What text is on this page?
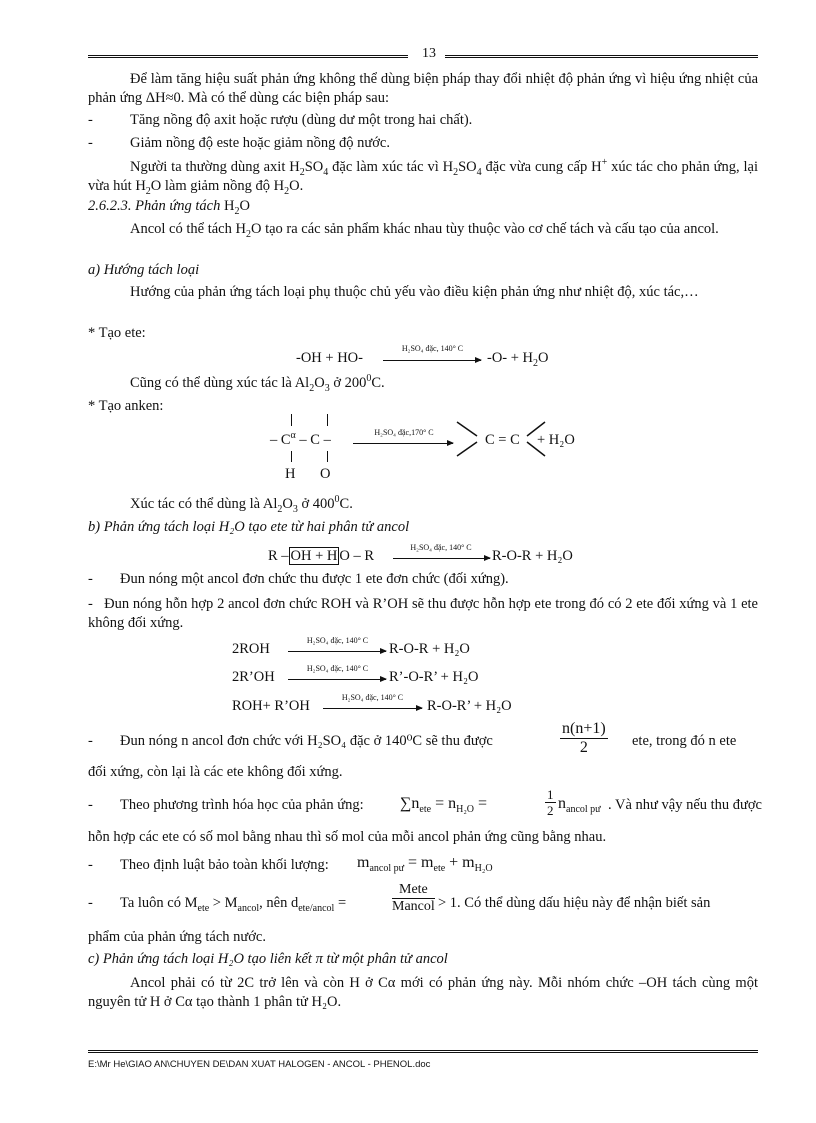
13
Để làm tăng hiệu suất phản ứng không thể dùng biện pháp thay đổi nhiệt độ phản ứng vì hiệu ứng nhiệt của phản ứng ΔH≈0. Mà có thể dùng các biện pháp sau:
-	Tăng nồng độ axit hoặc rượu (dùng dư một trong hai chất).
-	Giảm nồng độ este hoặc giảm nồng độ nước.
Người ta thường dùng axit $H_2SO_4$ đặc làm xúc tác vì $H_2SO_4$ đặc vừa cung cấp H+ xúc tác cho phản ứng, lại vừa hút $H_2O$ làm giảm nồng độ $H_2O$.
2.6.2.3. Phản ứng tách $H_2O$
Ancol có thể tách $H_2O$ tạo ra các sản phẩm khác nhau tùy thuộc vào cơ chế tách và cấu tạo của ancol.
a) Hướng tách loại
Hướng của phản ứng tách loại phụ thuộc chủ yếu vào điều kiện phản ứng như nhiệt độ, xúc tác,…
* Tạo ete:
-OH + HO-
H₂SO₄ đặc, 140° C
$-O- + H_2O$
Cũng có thể dùng xúc tác là $Al_2O_3$ ở $200^0C$.
* Tạo anken:
– $C^\alpha$ – C –
H O
H₂SO₄ đặc,170° C	C = C + H₂O
Xúc tác có thể dùng là $Al_2O_3$ ở $400^0C$.
b) Phản ứng tách loại H₂O tạo ete từ hai phân tử ancol
R – OH + H O – R
H₂SO₄ đặc, 140° C
R-O-R + H₂O
- Đun nóng một ancol đơn chức thu được 1 ete đơn chức (đối xứng).
-   Đun nóng hỗn hợp 2 ancol đơn chức ROH và R’OH sẽ thu được hỗn hợp ete trong đó có 2 ete đối xứng và 1 ete không đối xứng.
2ROH
H₂SO₄ đặc, 140° C
R-O-R + H₂O
2R’OH
H₂SO₄ đặc, 140° C
R’-O-R’ + H₂O
ROH+ R’OH
H₂SO₄ đặc, 140° C
R-O-R’ + H₂O
- Đun nóng n ancol đơn chức với H₂SO₄ đặc ở 140⁰C sẽ thu được	$\frac{n(n+1)}{2}$ ete, trong đó n ete
đối xứng, còn lại là các ete không đối xứng.
- Theo phương trình hóa học của phản ứng: $\sum n_{ete} = n_{H_2O}$ =	$\frac{1}{2} n_{ancol pư}$ . Và như vậy nếu thu được
hỗn hợp các ete có số mol bằng nhau thì số mol của mỗi ancol phản ứng cũng bằng nhau.
- Theo định luật bảo toàn khối lượng: $m_{ancol pư} = m_{ete} + m_{H_2O}$
- Ta luôn có $M_{ete} > M_{ancol}$, nên $d_{ete/ancol}$ =
Mete
Mancol > 1. Có thể dùng dấu hiệu này để nhận biết sản
phẩm của phản ứng tách nước.
c) Phản ứng tách loại H₂O tạo liên kết π từ một phân tử ancol
Ancol phải có từ 2C trở lên và còn H ở Cα mới có phản ứng này. Mỗi nhóm chức –OH tách cùng một nguyên tử H ở Cα tạo thành 1 phân tử H₂O.
E:\Mr He\GIAO AN\CHUYEN DE\DAN XUAT HALOGEN - ANCOL - PHENOL.doc
